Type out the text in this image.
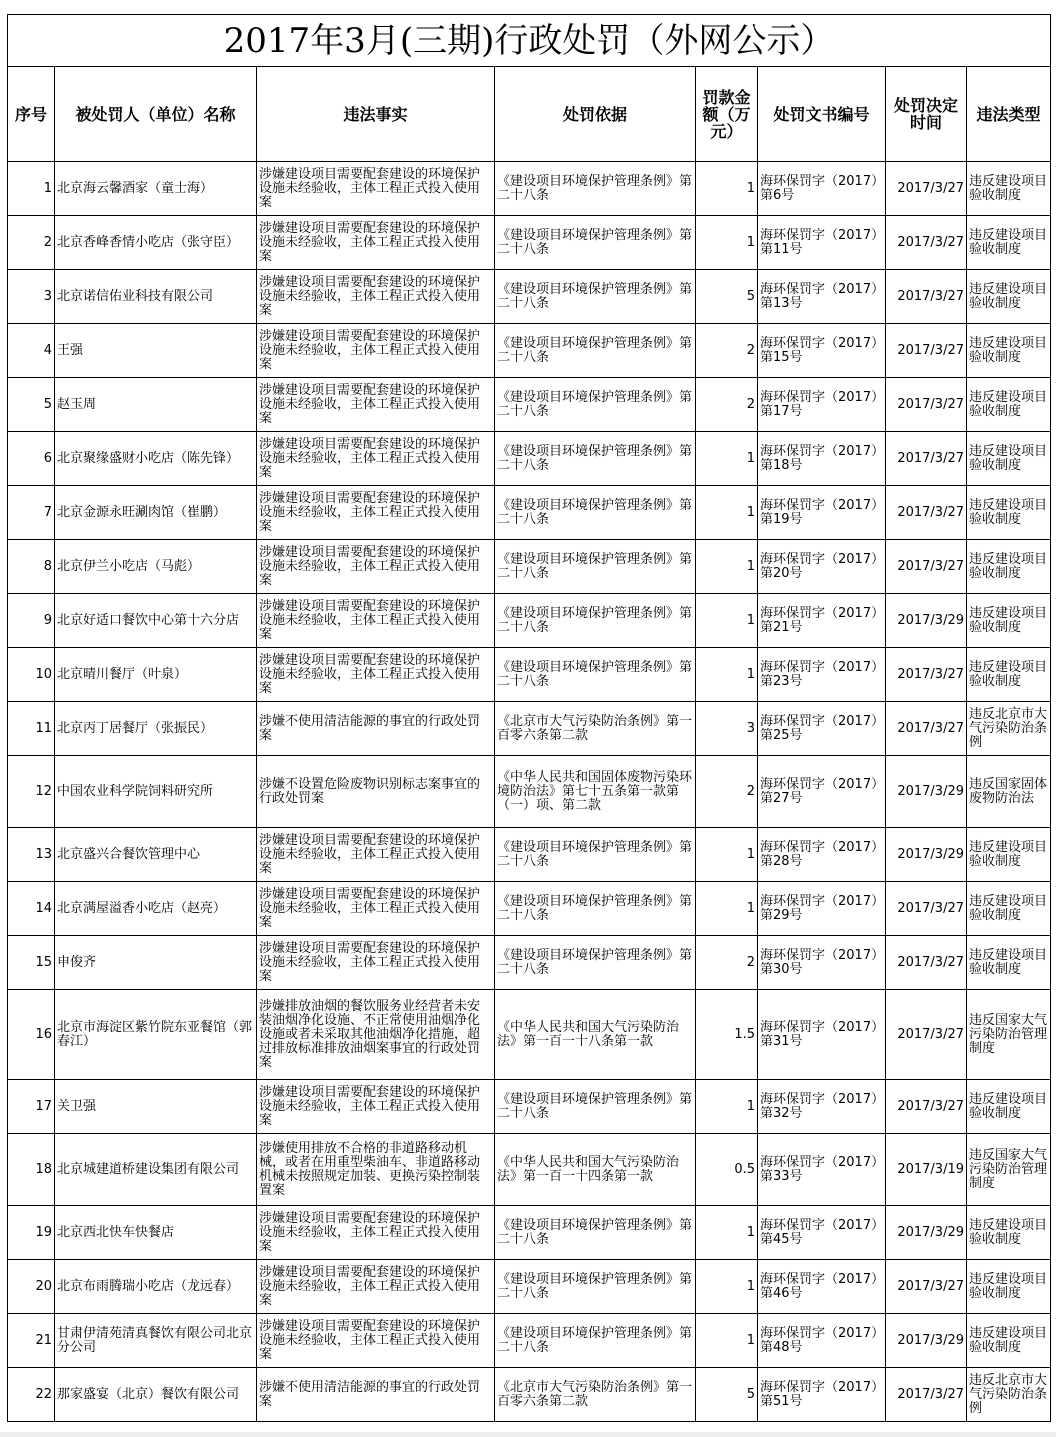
2017年3月(三期)行政处罚（外网公示）							
序号	被处罚人（单位）名称	违法事实	处罚依据	罚款金额（万元）	处罚文书编号	处罚决定时间	违法类型
1	北京海云馨酒家（童士海）	涉嫌建设项目需要配套建设的环境保护设施未经验收，主体工程正式投入使用案	《建设项目环境保护管理条例》第二十八条	1	海环保罚字（2017）第6号	2017/3/27	违反建设项目验收制度
2	北京香峰香情小吃店（张守臣）	涉嫌建设项目需要配套建设的环境保护设施未经验收，主体工程正式投入使用案	《建设项目环境保护管理条例》第二十八条	1	海环保罚字（2017）第11号	2017/3/27	违反建设项目验收制度
3	北京诺信佑业科技有限公司	涉嫌建设项目需要配套建设的环境保护设施未经验收，主体工程正式投入使用案	《建设项目环境保护管理条例》第二十八条	5	海环保罚字（2017）第13号	2017/3/27	违反建设项目验收制度
4	王强	涉嫌建设项目需要配套建设的环境保护设施未经验收，主体工程正式投入使用案	《建设项目环境保护管理条例》第二十八条	2	海环保罚字（2017）第15号	2017/3/27	违反建设项目验收制度
5	赵玉周	涉嫌建设项目需要配套建设的环境保护设施未经验收，主体工程正式投入使用案	《建设项目环境保护管理条例》第二十八条	2	海环保罚字（2017）第17号	2017/3/27	违反建设项目验收制度
6	北京聚缘盛财小吃店（陈先锋）	涉嫌建设项目需要配套建设的环境保护设施未经验收，主体工程正式投入使用案	《建设项目环境保护管理条例》第二十八条	1	海环保罚字（2017）第18号	2017/3/27	违反建设项目验收制度
7	北京金源永旺涮肉馆（崔鹏）	涉嫌建设项目需要配套建设的环境保护设施未经验收，主体工程正式投入使用案	《建设项目环境保护管理条例》第二十八条	1	海环保罚字（2017）第19号	2017/3/27	违反建设项目验收制度
8	北京伊兰小吃店（马彪）	涉嫌建设项目需要配套建设的环境保护设施未经验收，主体工程正式投入使用案	《建设项目环境保护管理条例》第二十八条	1	海环保罚字（2017）第20号	2017/3/27	违反建设项目验收制度
9	北京好适口餐饮中心第十六分店	涉嫌建设项目需要配套建设的环境保护设施未经验收，主体工程正式投入使用案	《建设项目环境保护管理条例》第二十八条	1	海环保罚字（2017）第21号	2017/3/29	违反建设项目验收制度
10	北京晴川餐厅（叶泉）	涉嫌建设项目需要配套建设的环境保护设施未经验收，主体工程正式投入使用案	《建设项目环境保护管理条例》第二十八条	1	海环保罚字（2017）第23号	2017/3/27	违反建设项目验收制度
11	北京丙丁居餐厅（张振民）	涉嫌不使用清洁能源的事宜的行政处罚案	《北京市大气污染防治条例》第一百零六条第二款	3	海环保罚字（2017）第25号	2017/3/27	违反北京市大气污染防治条例
12	中国农业科学院饲料研究所	涉嫌不设置危险废物识别标志案事宜的行政处罚案	《中华人民共和国固体废物污染环境防治法》第七十五条第一款第（一）项、第二款	2	海环保罚字（2017）第27号	2017/3/29	违反国家固体废物防治法
13	北京盛兴合餐饮管理中心	涉嫌建设项目需要配套建设的环境保护设施未经验收，主体工程正式投入使用案	《建设项目环境保护管理条例》第二十八条	1	海环保罚字（2017）第28号	2017/3/29	违反建设项目验收制度
14	北京满屋溢香小吃店（赵亮）	涉嫌建设项目需要配套建设的环境保护设施未经验收，主体工程正式投入使用案	《建设项目环境保护管理条例》第二十八条	1	海环保罚字（2017）第29号	2017/3/27	违反建设项目验收制度
15	申俊齐	涉嫌建设项目需要配套建设的环境保护设施未经验收，主体工程正式投入使用案	《建设项目环境保护管理条例》第二十八条	2	海环保罚字（2017）第30号	2017/3/27	违反建设项目验收制度
16	北京市海淀区紫竹院东亚餐馆（郭春江）	涉嫌排放油烟的餐饮服务业经营者未安装油烟净化设施、不正常使用油烟净化设施或者未采取其他油烟净化措施，超过排放标准排放油烟案事宜的行政处罚案	《中华人民共和国大气污染防治法》第一百一十八条第一款	1.5	海环保罚字（2017）第31号	2017/3/27	违反国家大气污染防治管理制度
17	关卫强	涉嫌建设项目需要配套建设的环境保护设施未经验收，主体工程正式投入使用案	《建设项目环境保护管理条例》第二十八条	1	海环保罚字（2017）第32号	2017/3/27	违反建设项目验收制度
18	北京城建道桥建设集团有限公司	涉嫌使用排放不合格的非道路移动机械，或者在用重型柴油车、非道路移动机械未按照规定加装、更换污染控制装置案	《中华人民共和国大气污染防治法》第一百一十四条第一款	0.5	海环保罚字（2017）第33号	2017/3/19	违反国家大气污染防治管理制度
19	北京西北快车快餐店	涉嫌建设项目需要配套建设的环境保护设施未经验收，主体工程正式投入使用案	《建设项目环境保护管理条例》第二十八条	1	海环保罚字（2017）第45号	2017/3/29	违反建设项目验收制度
20	北京布雨腾瑞小吃店（龙远春）	涉嫌建设项目需要配套建设的环境保护设施未经验收，主体工程正式投入使用案	《建设项目环境保护管理条例》第二十八条	1	海环保罚字（2017）第46号	2017/3/27	违反建设项目验收制度
21	甘肃伊清苑清真餐饮有限公司北京分公司	涉嫌建设项目需要配套建设的环境保护设施未经验收，主体工程正式投入使用案	《建设项目环境保护管理条例》第二十八条	1	海环保罚字（2017）第48号	2017/3/29	违反建设项目验收制度
22	那家盛宴（北京）餐饮有限公司	涉嫌不使用清洁能源的事宜的行政处罚案	《北京市大气污染防治条例》第一百零六条第二款	5	海环保罚字（2017）第51号	2017/3/27	违反北京市大气污染防治条例
